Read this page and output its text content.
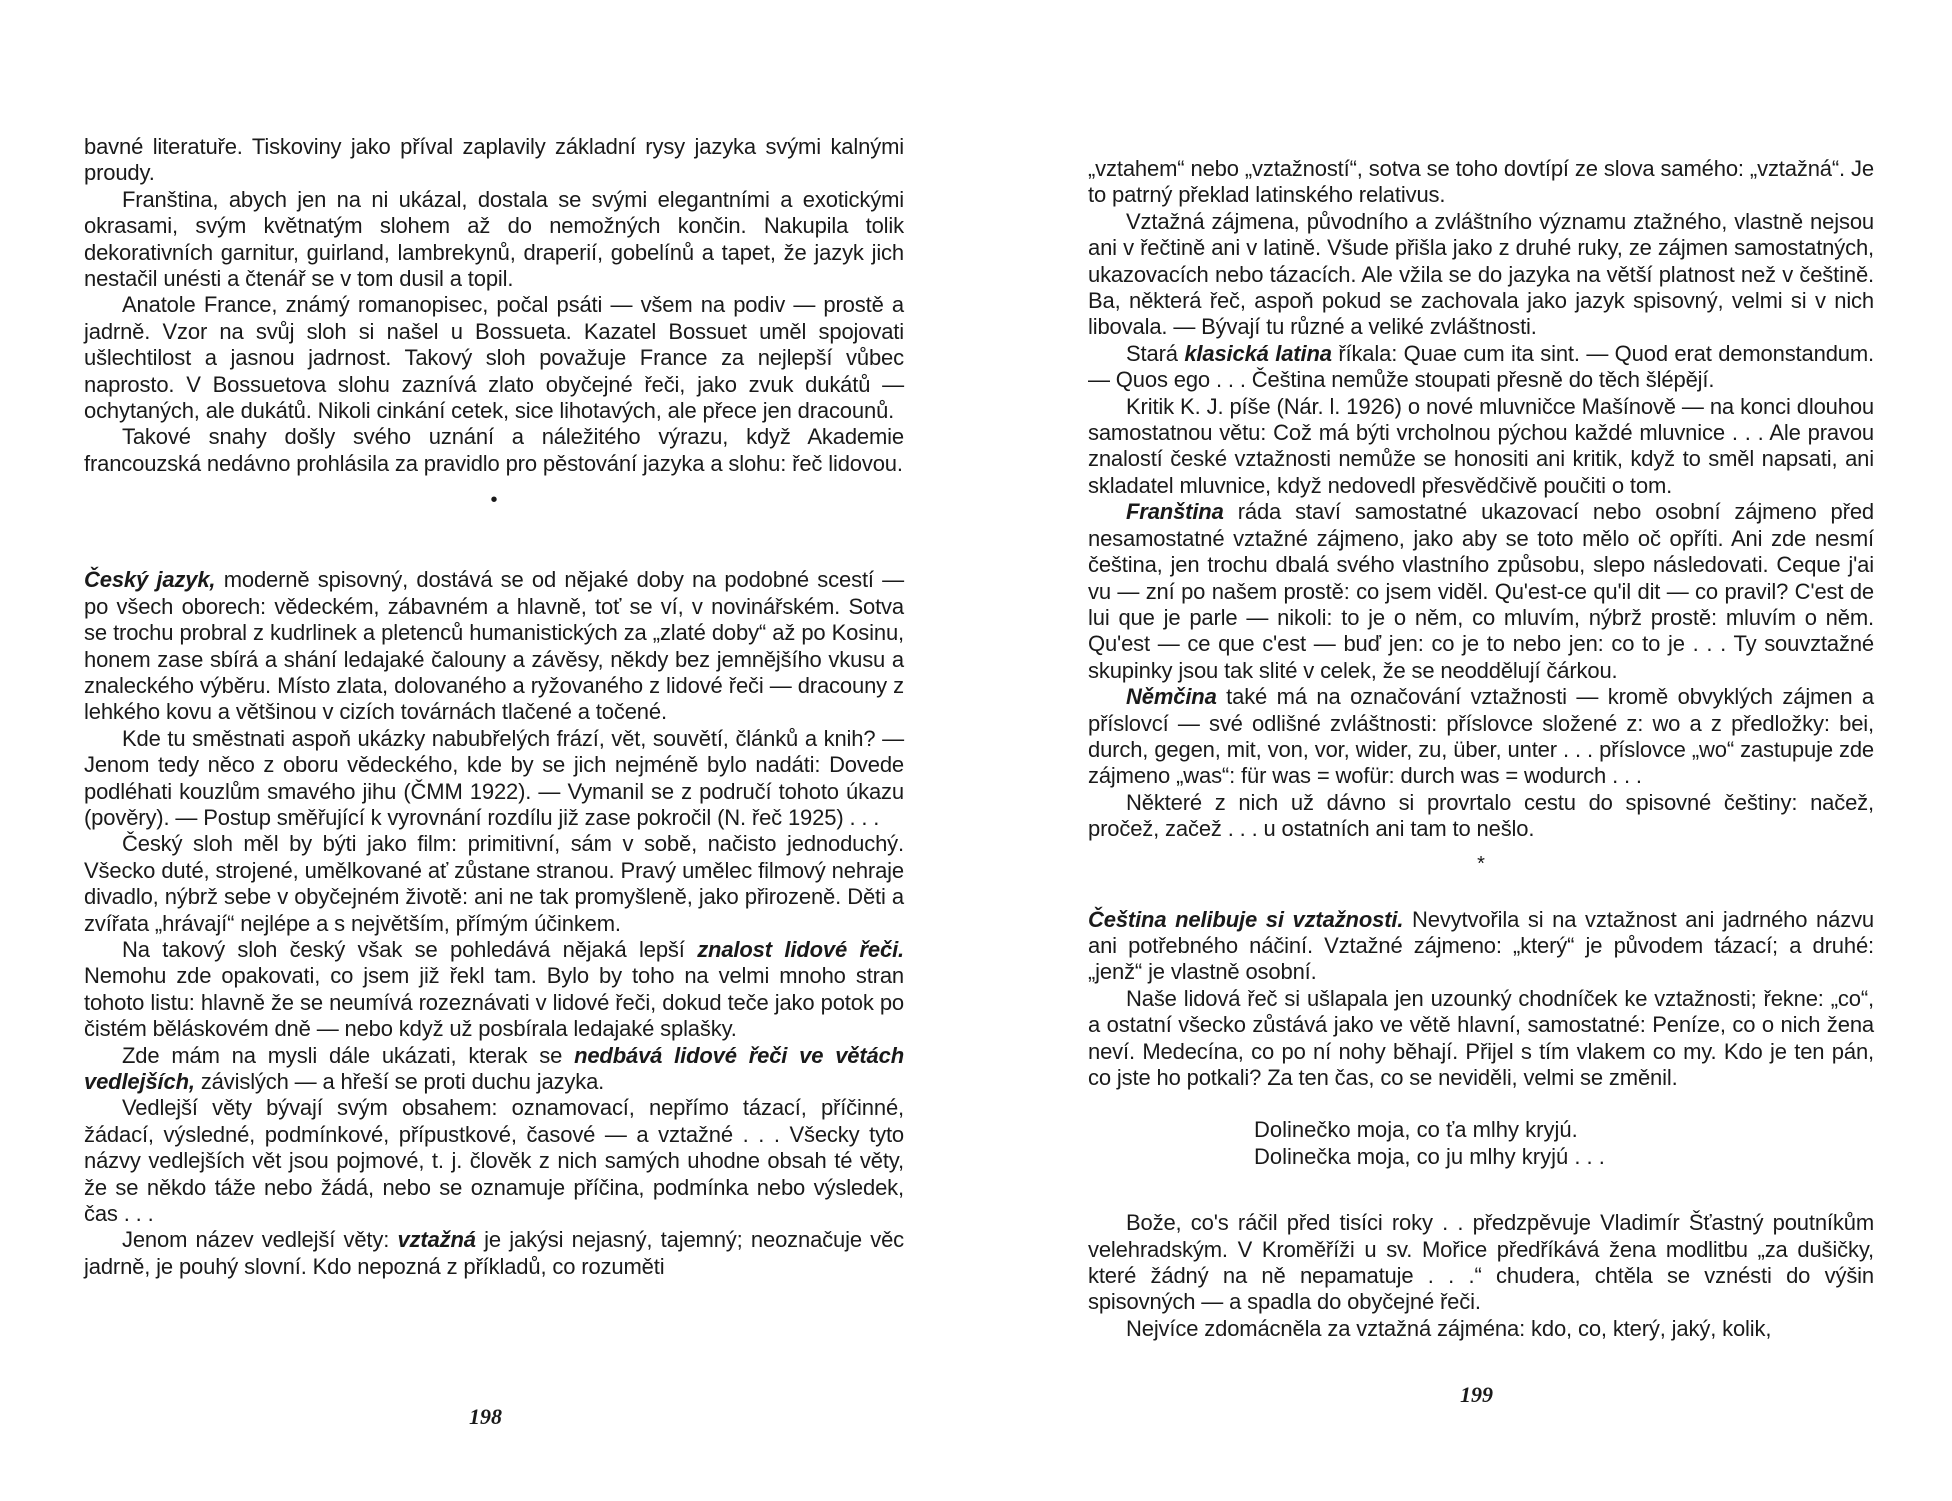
bavné literatuře. Tiskoviny jako příval zaplavily základní rysy jazyka svými kalnými proudy.

Franština, abych jen na ni ukázal, dostala se svými elegantními a exotickými okrasami, svým květnatým slohem až do nemožných končin. Nakupila tolik dekorativních garnitur, guirland, lambrekynů, draperií, gobelínů a tapet, že jazyk jich nestačil unésti a čtenář se v tom dusil a topil.

Anatole France, známý romanopisec, počal psáti — všem na podiv — prostě a jadrně. Vzor na svůj sloh si našel u Bossueta. Kazatel Bossuet uměl spojovati ušlechtilost a jasnou jadrnost. Takový sloh považuje France za nejlepší vůbec naprosto. V Bossuetova slohu zaznívá zlato obyčejné řeči, jako zvuk dukátů — ochytaných, ale dukátů. Nikoli cinkání cetek, sice lihotavých, ale přece jen dracounů.

Takové snahy došly svého uznání a náležitého výrazu, když Akademie francouzská nedávno prohlásila za pravidlo pro pěstování jazyka a slohu: řeč lidovou.

•

Český jazyk, moderně spisovný, dostává se od nějaké doby na podobné scestí — po všech oborech: vědeckém, zábavném a hlavně, toť se ví, v novinářském. Sotva se trochu probral z kudrlinek a pletenců humanistických za „zlaté doby“ až po Kosinu, honem zase sbírá a shání ledajaké čalouny a závěsy, někdy bez jemnějšího vkusu a znaleckého výběru. Místo zlata, dolovaného a ryžovaného z lidové řeči — dracouny z lehkého kovu a většinou v cizích továrnách tlačené a točené.

Kde tu směstnati aspoň ukázky nabubřelých frází, vět, souvětí, článků a knih? — Jenom tedy něco z oboru vědeckého, kde by se jich nejméně bylo nadáti: Dovede podléhati kouzlům smavého jihu (ČMM 1922). — Vymanil se z područí tohoto úkazu (pověry). — Postup směřující k vyrovnání rozdílu již zase pokročil (N. řeč 1925) . . .

Český sloh měl by býti jako film: primitivní, sám v sobě, načisto jednoduchý. Všecko duté, strojené, umělkované ať zůstane stranou. Pravý umělec filmový nehraje divadlo, nýbrž sebe v obyčejném životě: ani ne tak promyšleně, jako přirozeně. Děti a zvířata „hrávají“ nejlépe a s největším, přímým účinkem.

Na takový sloh český však se pohledává nějaká lepší znalost lidové řeči. Nemohu zde opakovati, co jsem již řekl tam. Bylo by toho na velmi mnoho stran tohoto listu: hlavně že se neumívá rozeznávati v lidové řeči, dokud teče jako potok po čistém běláskovém dně — nebo když už posbírala ledajaké splašky.

Zde mám na mysli dále ukázati, kterak se nedbává lidové řeči ve větách vedlejších, závislých — a hřeší se proti duchu jazyka.

Vedlejší věty bývají svým obsahem: oznamovací, nepřímo tázací, příčinné, žádací, výsledné, podmínkové, přípustkové, časové — a vztažné . . . Všecky tyto názvy vedlejších vět jsou pojmové, t. j. člověk z nich samých uhodne obsah té věty, že se někdo táže nebo žádá, nebo se oznamuje příčina, podmínka nebo výsledek, čas . . .

Jenom název vedlejší věty: vztažná je jakýsi nejasný, tajemný; neoznačuje věc jadrně, je pouhý slovní. Kdo nepozná z příkladů, co rozuměti

198

„vztahem“ nebo „vztažností“, sotva se toho dovtípí ze slova samého: „vztažná“. Je to patrný překlad latinského relativus.

Vztažná zájmena, původního a zvláštního významu ztažného, vlastně nejsou ani v řečtině ani v latině. Všude přišla jako z druhé ruky, ze zájmen samostatných, ukazovacích nebo tázacích. Ale vžila se do jazyka na větší platnost než v češtině. Ba, některá řeč, aspoň pokud se zachovala jako jazyk spisovný, velmi si v nich libovala. — Bývají tu různé a veliké zvláštnosti.

Stará klasická latina říkala: Quae cum ita sint. — Quod erat demonstandum. — Quos ego . . . Čeština nemůže stoupati přesně do těch šlépějí.

Kritik K. J. píše (Nár. l. 1926) o nové mluvničce Mašínově — na konci dlouhou samostatnou větu: Což má býti vrcholnou pýchou každé mluvnice . . . Ale pravou znalostí české vztažnosti nemůže se honositi ani kritik, když to směl napsati, ani skladatel mluvnice, když nedovedl přesvědčivě poučiti o tom.

Franština ráda staví samostatné ukazovací nebo osobní zájmeno před nesamostatné vztažné zájmeno, jako aby se toto mělo oč opříti. Ani zde nesmí čeština, jen trochu dbalá svého vlastního způsobu, slepo následovati. Ceque j'ai vu — zní po našem prostě: co jsem viděl. Qu'est-ce qu'il dit — co pravil? C'est de lui que je parle — nikoli: to je o něm, co mluvím, nýbrž prostě: mluvím o něm. Qu'est — ce que c'est — buď jen: co je to nebo jen: co to je . . . Ty souvztažné skupinky jsou tak slité v celek, že se neoddělují čárkou.

Němčina také má na označování vztažnosti — kromě obvyklých zájmen a příslovcí — své odlišné zvláštnosti: příslovce složené z: wo a z předložky: bei, durch, gegen, mit, von, vor, wider, zu, über, unter . . . příslovce „wo“ zastupuje zde zájmeno „was“: für was = wofür: durch was = wodurch . . .

Některé z nich už dávno si provrtalo cestu do spisovné češtiny: načež, pročež, začež . . . u ostatních ani tam to nešlo.

*

Čeština nelibuje si vztažnosti. Nevytvořila si na vztažnost ani jadrného názvu ani potřebného náčiní. Vztažné zájmeno: „který“ je původem tázací; a druhé: „jenž“ je vlastně osobní.

Naše lidová řeč si ušlapala jen uzounký chodníček ke vztažnosti; řekne: „co“, a ostatní všecko zůstává jako ve větě hlavní, samostatné: Peníze, co o nich žena neví. Medecína, co po ní nohy běhají. Přijel s tím vlakem co my. Kdo je ten pán, co jste ho potkali? Za ten čas, co se neviděli, velmi se změnil.

Dolinečko moja, co ťa mlhy kryjú.
Dolinečka moja, co ju mlhy kryjú . . .

Bože, co's ráčil před tisíci roky . . předzpěvuje Vladimír Šťastný poutníkům velehradským. V Kroměříži u sv. Mořice předříkává žena modlitbu „za dušičky, které žádný na ně nepamatuje . . .“ chudera, chtěla se vznésti do výšin spisovných — a spadla do obyčejné řeči.

Nejvíce zdomácněla za vztažná zájména: kdo, co, který, jaký, kolik,

199
